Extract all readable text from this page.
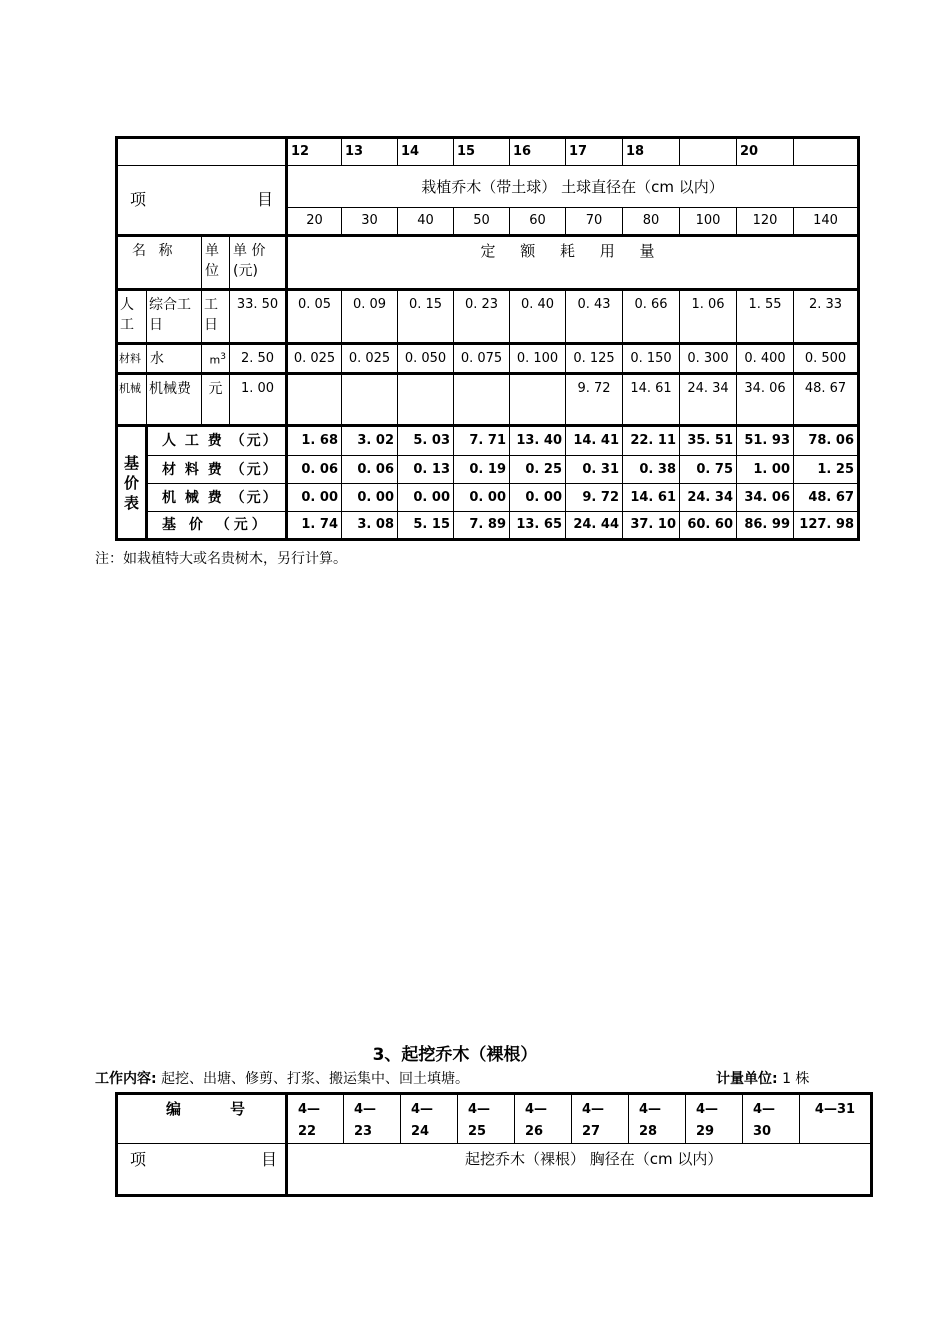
				12	13	14	15	16	17	18		20	

项 目				栽植乔木（带土球） 土球直径在（cm 以内）									
				20	30	40	50	60	70	80	100	120	140
名 称		单位	单 价(元)	定 额 耗 用 量									
人工	综合工日	工日	33. 50	0. 05	0. 09	0. 15	0. 23	0. 40	0. 43	0. 66	1. 06	1. 55	2. 33
材料	水	$m^3$	2. 50	0. 025	0. 025	0. 050	0. 075	0. 100	0. 125	0. 150	0. 300	0. 400	0. 500
机械	机械费	元	1. 00						9. 72	14. 61	24. 34	34. 06	48. 67
基价表	人 工 费 （元）			1. 68	3. 02	5. 03	7. 71	13. 40	14. 41	22. 11	35. 51	51. 93	78. 06
	材 料 费 （元）			0. 06	0. 06	0. 13	0. 19	0. 25	0. 31	0. 38	0. 75	1. 00	1. 25
	机 械 费 （元）			0. 00	0. 00	0. 00	0. 00	0. 00	9. 72	14. 61	24. 34	34. 06	48. 67
	基 价 （元）			1. 74	3. 08	5. 15	7. 89	13. 65	24. 44	37. 10	60. 60	86. 99	127. 98
注：如栽植特大或名贵树木，另行计算。
3、起挖乔木（裸根）
工作内容: 起挖、出塘、修剪、打浆、搬运集中、回土填塘。	计量单位: 1 株
编 号	4—22	4—23	4—24	4—25	4—26	4—27	4—28	4—29	4—30	4—31

项 目	起挖乔木（裸根） 胸径在（cm 以内）									
